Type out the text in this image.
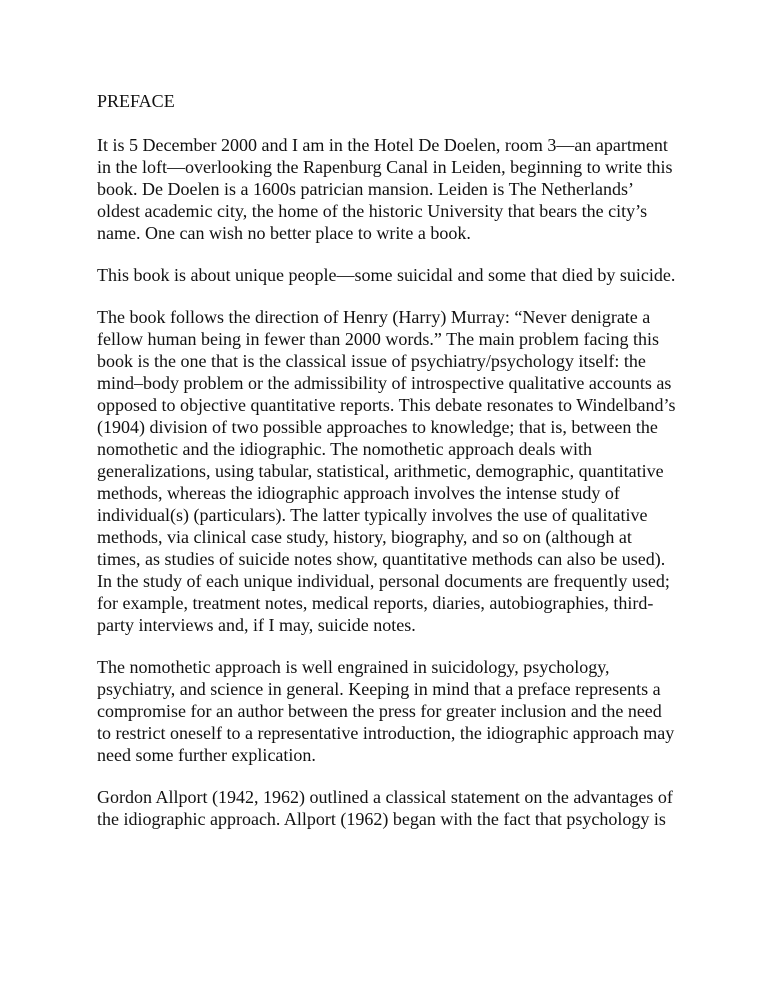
PREFACE

It is 5 December 2000 and I am in the Hotel De Doelen, room 3—an apartment in the loft—overlooking the Rapenburg Canal in Leiden, beginning to write this book. De Doelen is a 1600s patrician mansion. Leiden is The Netherlands’ oldest academic city, the home of the historic University that bears the city’s name. One can wish no better place to write a book.

This book is about unique people—some suicidal and some that died by suicide.

The book follows the direction of Henry (Harry) Murray: “Never denigrate a fellow human being in fewer than 2000 words.” The main problem facing this book is the one that is the classical issue of psychiatry/psychology itself: the mind–body problem or the admissibility of introspective qualitative accounts as opposed to objective quantitative reports. This debate resonates to Windelband’s (1904) division of two possible approaches to knowledge; that is, between the nomothetic and the idiographic. The nomothetic approach deals with generalizations, using tabular, statistical, arithmetic, demographic, quantitative methods, whereas the idiographic approach involves the intense study of individual(s) (particulars). The latter typically involves the use of qualitative methods, via clinical case study, history, biography, and so on (although at times, as studies of suicide notes show, quantitative methods can also be used). In the study of each unique individual, personal documents are frequently used; for example, treatment notes, medical reports, diaries, autobiographies, third-party interviews and, if I may, suicide notes.

The nomothetic approach is well engrained in suicidology, psychology, psychiatry, and science in general. Keeping in mind that a preface represents a compromise for an author between the press for greater inclusion and the need to restrict oneself to a representative introduction, the idiographic approach may need some further explication.

Gordon Allport (1942, 1962) outlined a classical statement on the advantages of the idiographic approach. Allport (1962) began with the fact that psychology is
